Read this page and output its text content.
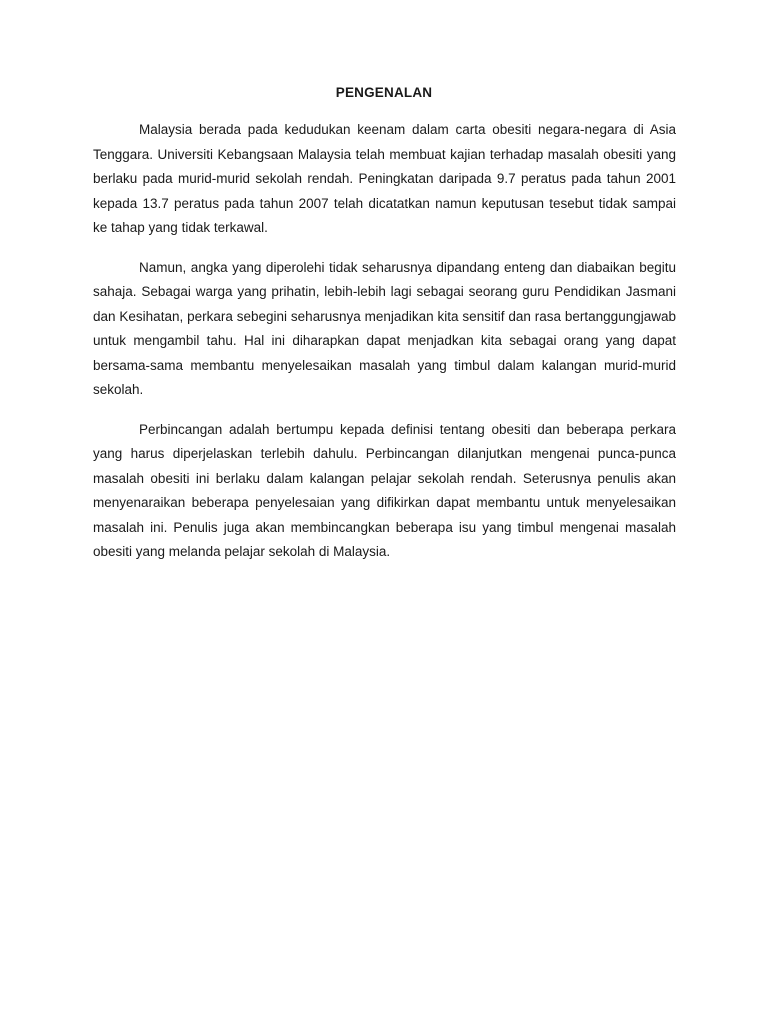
PENGENALAN

Malaysia berada pada kedudukan keenam dalam carta obesiti negara-negara di Asia Tenggara. Universiti Kebangsaan Malaysia telah membuat kajian terhadap masalah obesiti yang berlaku pada murid-murid sekolah rendah. Peningkatan daripada 9.7 peratus pada tahun 2001 kepada 13.7 peratus pada tahun 2007 telah dicatatkan namun keputusan tesebut tidak sampai ke tahap yang tidak terkawal.

Namun, angka yang diperolehi tidak seharusnya dipandang enteng dan diabaikan begitu sahaja. Sebagai warga yang prihatin, lebih-lebih lagi sebagai seorang guru Pendidikan Jasmani dan Kesihatan, perkara sebegini seharusnya menjadikan kita sensitif dan rasa bertanggungjawab untuk mengambil tahu. Hal ini diharapkan dapat menjadkan kita sebagai orang yang dapat bersama-sama membantu menyelesaikan masalah yang timbul dalam kalangan murid-murid sekolah.

Perbincangan adalah bertumpu kepada definisi tentang obesiti dan beberapa perkara yang harus diperjelaskan terlebih dahulu. Perbincangan dilanjutkan mengenai punca-punca masalah obesiti ini berlaku dalam kalangan pelajar sekolah rendah. Seterusnya penulis akan menyenaraikan beberapa penyelesaian yang difikirkan dapat membantu untuk menyelesaikan masalah ini. Penulis juga akan membincangkan beberapa isu yang timbul mengenai masalah obesiti yang melanda pelajar sekolah di Malaysia.
